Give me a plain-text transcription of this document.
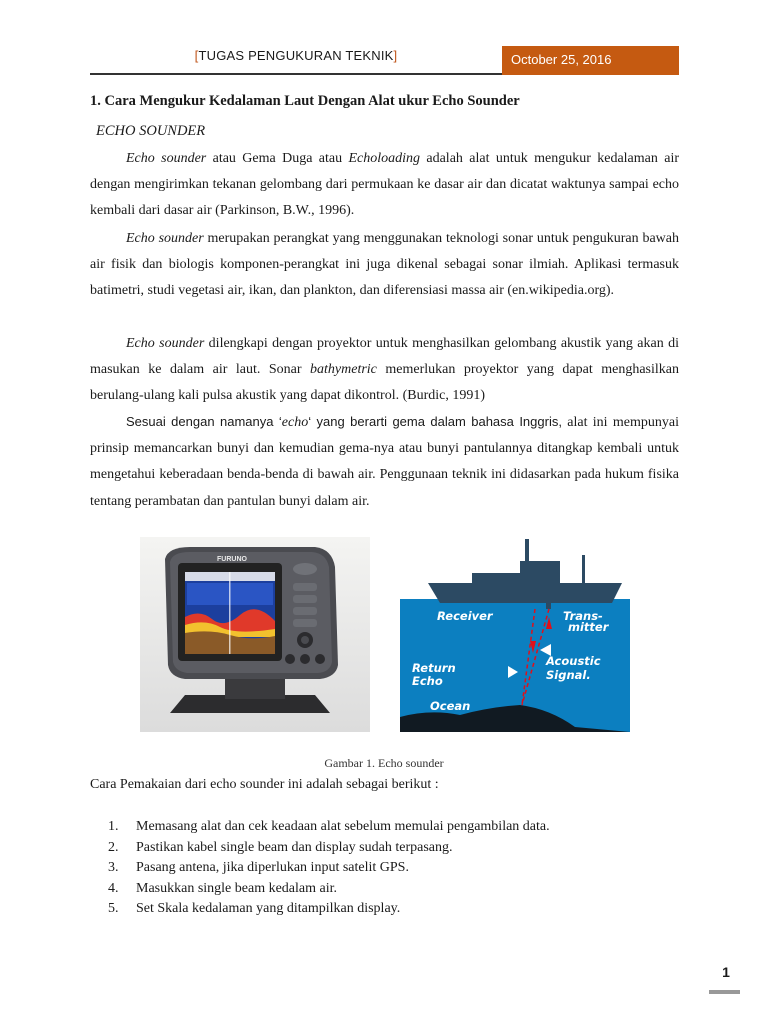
[TUGAS PENGUKURAN TEKNIK]	October 25, 2016
1. Cara Mengukur Kedalaman Laut Dengan Alat ukur Echo Sounder
ECHO SOUNDER

Echo sounder atau Gema Duga atau Echoloading adalah alat untuk mengukur kedalaman air dengan mengirimkan tekanan gelombang dari permukaan ke dasar air dan dicatat waktunya sampai echo kembali dari dasar air (Parkinson, B.W., 1996).

Echo sounder merupakan perangkat yang menggunakan teknologi sonar untuk pengukuran bawah air fisik dan biologis komponen-perangkat ini juga dikenal sebagai sonar ilmiah. Aplikasi termasuk batimetri, studi vegetasi air, ikan, dan plankton, dan diferensiasi massa air (en.wikipedia.org).

Echo sounder dilengkapi dengan proyektor untuk menghasilkan gelombang akustik yang akan di masukan ke dalam air laut. Sonar bathymetric memerlukan proyektor yang dapat menghasilkan berulang-ulang kali pulsa akustik yang dapat dikontrol. (Burdic, 1991)

Sesuai dengan namanya ‘echo‘ yang berarti gema dalam bahasa Inggris, alat ini mempunyai prinsip memancarkan bunyi dan kemudian gema-nya atau bunyi pantulannya ditangkap kembali untuk mengetahui keberadaan benda-benda di bawah air. Penggunaan teknik ini didasarkan pada hukum fisika tentang perambatan dan pantulan bunyi dalam air.

FURUNO
Receiver	Trans-
mitter
Return
Echo
Acoustic
Signal.
Ocean
Gambar 1. Echo sounder
Cara Pemakaian dari echo sounder ini adalah sebagai berikut :
1. Memasang alat dan cek keadaan alat sebelum memulai pengambilan data.
2. Pastikan kabel single beam dan display sudah terpasang.
3. Pasang antena, jika diperlukan input satelit GPS.
4. Masukkan single beam kedalam air.
5. Set Skala kedalaman yang ditampilkan display.
1
